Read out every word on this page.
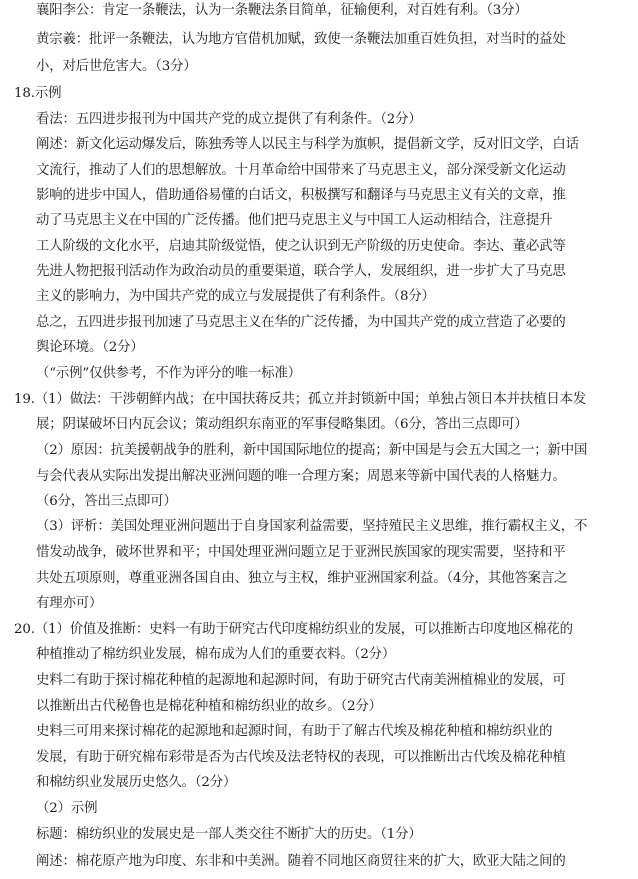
襄阳李公：肯定一条鞭法，认为一条鞭法条目简单，征输便利，对百姓有利。（3分）
黄宗羲：批评一条鞭法，认为地方官借机加赋，致使一条鞭法加重百姓负担，对当时的益处
小，对后世危害大。（3分）
18.示例
看法：五四进步报刊为中国共产党的成立提供了有利条件。（2分）
阐述：新文化运动爆发后，陈独秀等人以民主与科学为旗帜，提倡新文学，反对旧文学，白话
文流行，推动了人们的思想解放。十月革命给中国带来了马克思主义，部分深受新文化运动
影响的进步中国人，借助通俗易懂的白话文，积极撰写和翻译与马克思主义有关的文章，推
动了马克思主义在中国的广泛传播。他们把马克思主义与中国工人运动相结合，注意提升
工人阶级的文化水平，启迪其阶级觉悟，使之认识到无产阶级的历史使命。李达、董必武等
先进人物把报刊活动作为政治动员的重要渠道，联合学人，发展组织，进一步扩大了马克思
主义的影响力，为中国共产党的成立与发展提供了有利条件。（8分）
总之，五四进步报刊加速了马克思主义在华的广泛传播，为中国共产党的成立营造了必要的
舆论环境。（2分）
（“示例”仅供参考，不作为评分的唯一标准）
19.（1）做法：干涉朝鲜内战；在中国扶蒋反共；孤立并封锁新中国；单独占领日本并扶植日本发
展；阴谋破坏日内瓦会议；策动组织东南亚的军事侵略集团。（6分，答出三点即可）
（2）原因：抗美援朝战争的胜利，新中国国际地位的提高；新中国是与会五大国之一；新中国
与会代表从实际出发提出解决亚洲问题的唯一合理方案；周恩来等新中国代表的人格魅力。
（6分，答出三点即可）
（3）评析：美国处理亚洲问题出于自身国家利益需要，坚持殖民主义思维，推行霸权主义，不
惜发动战争，破坏世界和平；中国处理亚洲问题立足于亚洲民族国家的现实需要，坚持和平
共处五项原则，尊重亚洲各国自由、独立与主权，维护亚洲国家利益。（4分，其他答案言之
有理亦可）
20.（1）价值及推断：史料一有助于研究古代印度棉纺织业的发展，可以推断古印度地区棉花的
种植推动了棉纺织业发展，棉布成为人们的重要衣料。（2分）
史料二有助于探讨棉花种植的起源地和起源时间，有助于研究古代南美洲植棉业的发展，可
以推断出古代秘鲁也是棉花种植和棉纺织业的故乡。（2分）
史料三可用来探讨棉花的起源地和起源时间，有助于了解古代埃及棉花种植和棉纺织业的
发展，有助于研究棉布彩带是否为古代埃及法老特权的表现，可以推断出古代埃及棉花种植
和棉纺织业发展历史悠久。（2分）
（2）示例
标题：棉纺织业的发展史是一部人类交往不断扩大的历史。（1分）
阐述：棉花原产地为印度、东非和中美洲。随着不同地区商贸往来的扩大，欧亚大陆之间的
